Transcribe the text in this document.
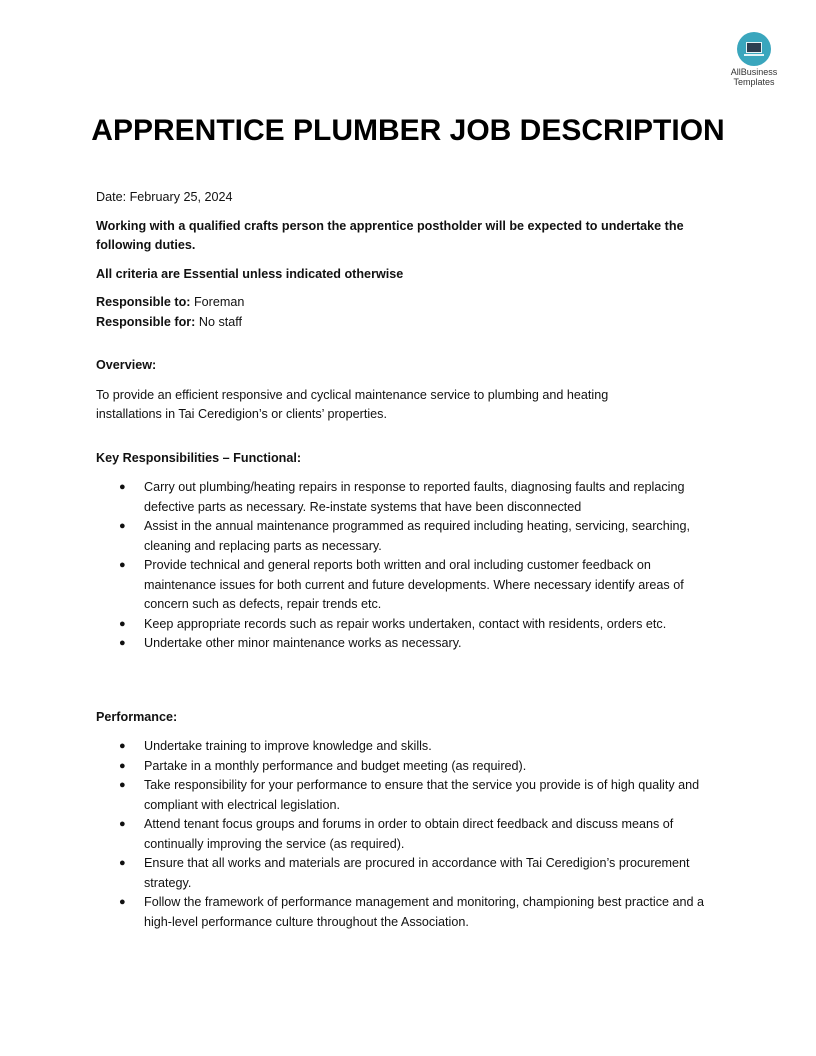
AllBusiness
Templates
APPRENTICE PLUMBER JOB DESCRIPTION

Date: February 25, 2024

Working with a qualified crafts person the apprentice postholder will be expected to undertake the following duties.

All criteria are Essential unless indicated otherwise

Responsible to: Foreman

Responsible for: No staff

Overview:

To provide an efficient responsive and cyclical maintenance service to plumbing and heating installations in Tai Ceredigion’s or clients’ properties.

Key Responsibilities – Functional:

● Carry out plumbing/heating repairs in response to reported faults, diagnosing faults and replacing defective parts as necessary. Re-instate systems that have been disconnected
● Assist in the annual maintenance programmed as required including heating, servicing, searching, cleaning and replacing parts as necessary.
● Provide technical and general reports both written and oral including customer feedback on maintenance issues for both current and future developments. Where necessary identify areas of concern such as defects, repair trends etc.
● Keep appropriate records such as repair works undertaken, contact with residents, orders etc.
● Undertake other minor maintenance works as necessary.

Performance:

● Undertake training to improve knowledge and skills.
● Partake in a monthly performance and budget meeting (as required).
● Take responsibility for your performance to ensure that the service you provide is of high quality and compliant with electrical legislation.
● Attend tenant focus groups and forums in order to obtain direct feedback and discuss means of continually improving the service (as required).
● Ensure that all works and materials are procured in accordance with Tai Ceredigion’s procurement strategy.
● Follow the framework of performance management and monitoring, championing best practice and a high-level performance culture throughout the Association.
